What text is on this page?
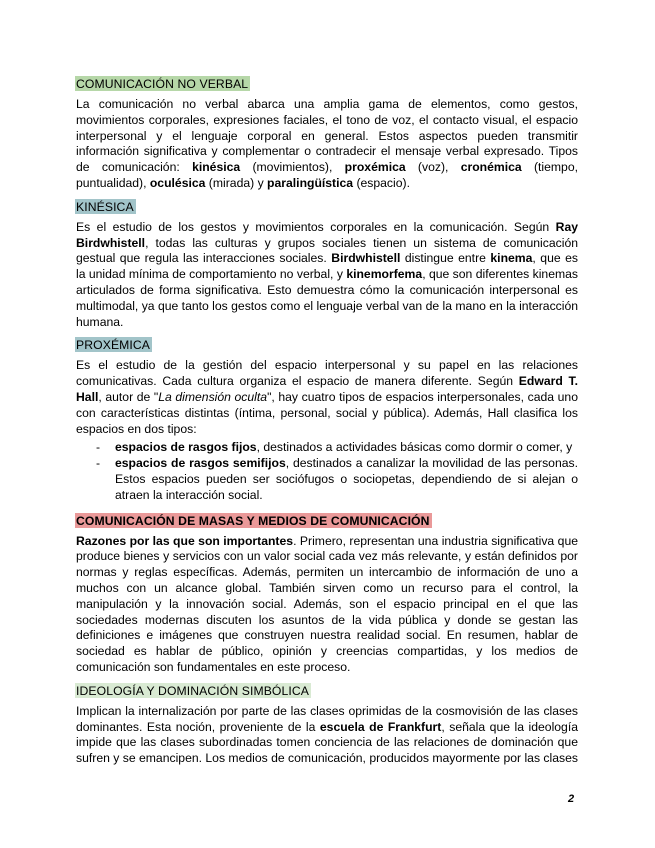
COMUNICACIÓN NO VERBAL

La comunicación no verbal abarca una amplia gama de elementos, como gestos, movimientos corporales, expresiones faciales, el tono de voz, el contacto visual, el espacio interpersonal y el lenguaje corporal en general. Estos aspectos pueden transmitir información significativa y complementar o contradecir el mensaje verbal expresado. Tipos de comunicación: kinésica (movimientos), proxémica (voz), cronémica (tiempo, puntualidad), oculésica (mirada) y paralingüística (espacio).

KINÉSICA

Es el estudio de los gestos y movimientos corporales en la comunicación. Según Ray Birdwhistell, todas las culturas y grupos sociales tienen un sistema de comunicación gestual que regula las interacciones sociales. Birdwhistell distingue entre kinema, que es la unidad mínima de comportamiento no verbal, y kinemorfema, que son diferentes kinemas articulados de forma significativa. Esto demuestra cómo la comunicación interpersonal es multimodal, ya que tanto los gestos como el lenguaje verbal van de la mano en la interacción humana.

PROXÉMICA

Es el estudio de la gestión del espacio interpersonal y su papel en las relaciones comunicativas. Cada cultura organiza el espacio de manera diferente. Según Edward T. Hall, autor de "La dimensión oculta", hay cuatro tipos de espacios interpersonales, cada uno con características distintas (íntima, personal, social y pública). Además, Hall clasifica los espacios en dos tipos:

- espacios de rasgos fijos, destinados a actividades básicas como dormir o comer, y
- espacios de rasgos semifijos, destinados a canalizar la movilidad de las personas. Estos espacios pueden ser sociófugos o sociopetas, dependiendo de si alejan o atraen la interacción social.
COMUNICACIÓN DE MASAS Y MEDIOS DE COMUNICACIÓN

Razones por las que son importantes. Primero, representan una industria significativa que produce bienes y servicios con un valor social cada vez más relevante, y están definidos por normas y reglas específicas. Además, permiten un intercambio de información de uno a muchos con un alcance global. También sirven como un recurso para el control, la manipulación y la innovación social. Además, son el espacio principal en el que las sociedades modernas discuten los asuntos de la vida pública y donde se gestan las definiciones e imágenes que construyen nuestra realidad social. En resumen, hablar de sociedad es hablar de público, opinión y creencias compartidas, y los medios de comunicación son fundamentales en este proceso.

IDEOLOGÍA Y DOMINACIÓN SIMBÓLICA

Implican la internalización por parte de las clases oprimidas de la cosmovisión de las clases dominantes. Esta noción, proveniente de la escuela de Frankfurt, señala que la ideología impide que las clases subordinadas tomen conciencia de las relaciones de dominación que sufren y se emancipen. Los medios de comunicación, producidos mayormente por las clases

2
